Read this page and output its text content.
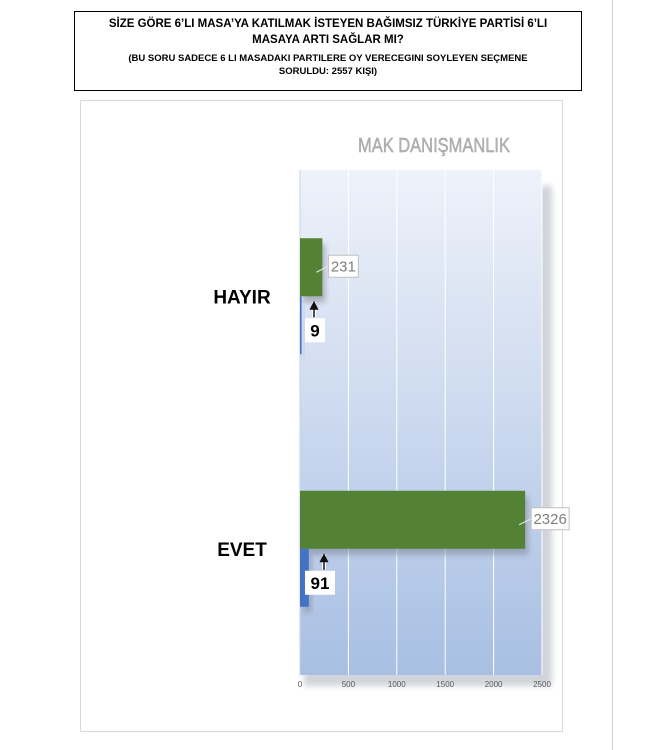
SİZE GÖRE 6’LI MASA’YA KATILMAK İSTEYEN BAĞIMSIZ TÜRKİYE PARTİSİ 6’LI MASAYA ARTI SAĞLAR MI?
(BU SORU SADECE 6 LI MASADAKI PARTILERE OY VERECEGINI SOYLEYEN SEÇMENE SORULDU: 2557 KIŞI)
MAK DANIŞMANLIK
0	500	1000	1500	2000	2500
HAYIR
EVET
231
9
2326
91
